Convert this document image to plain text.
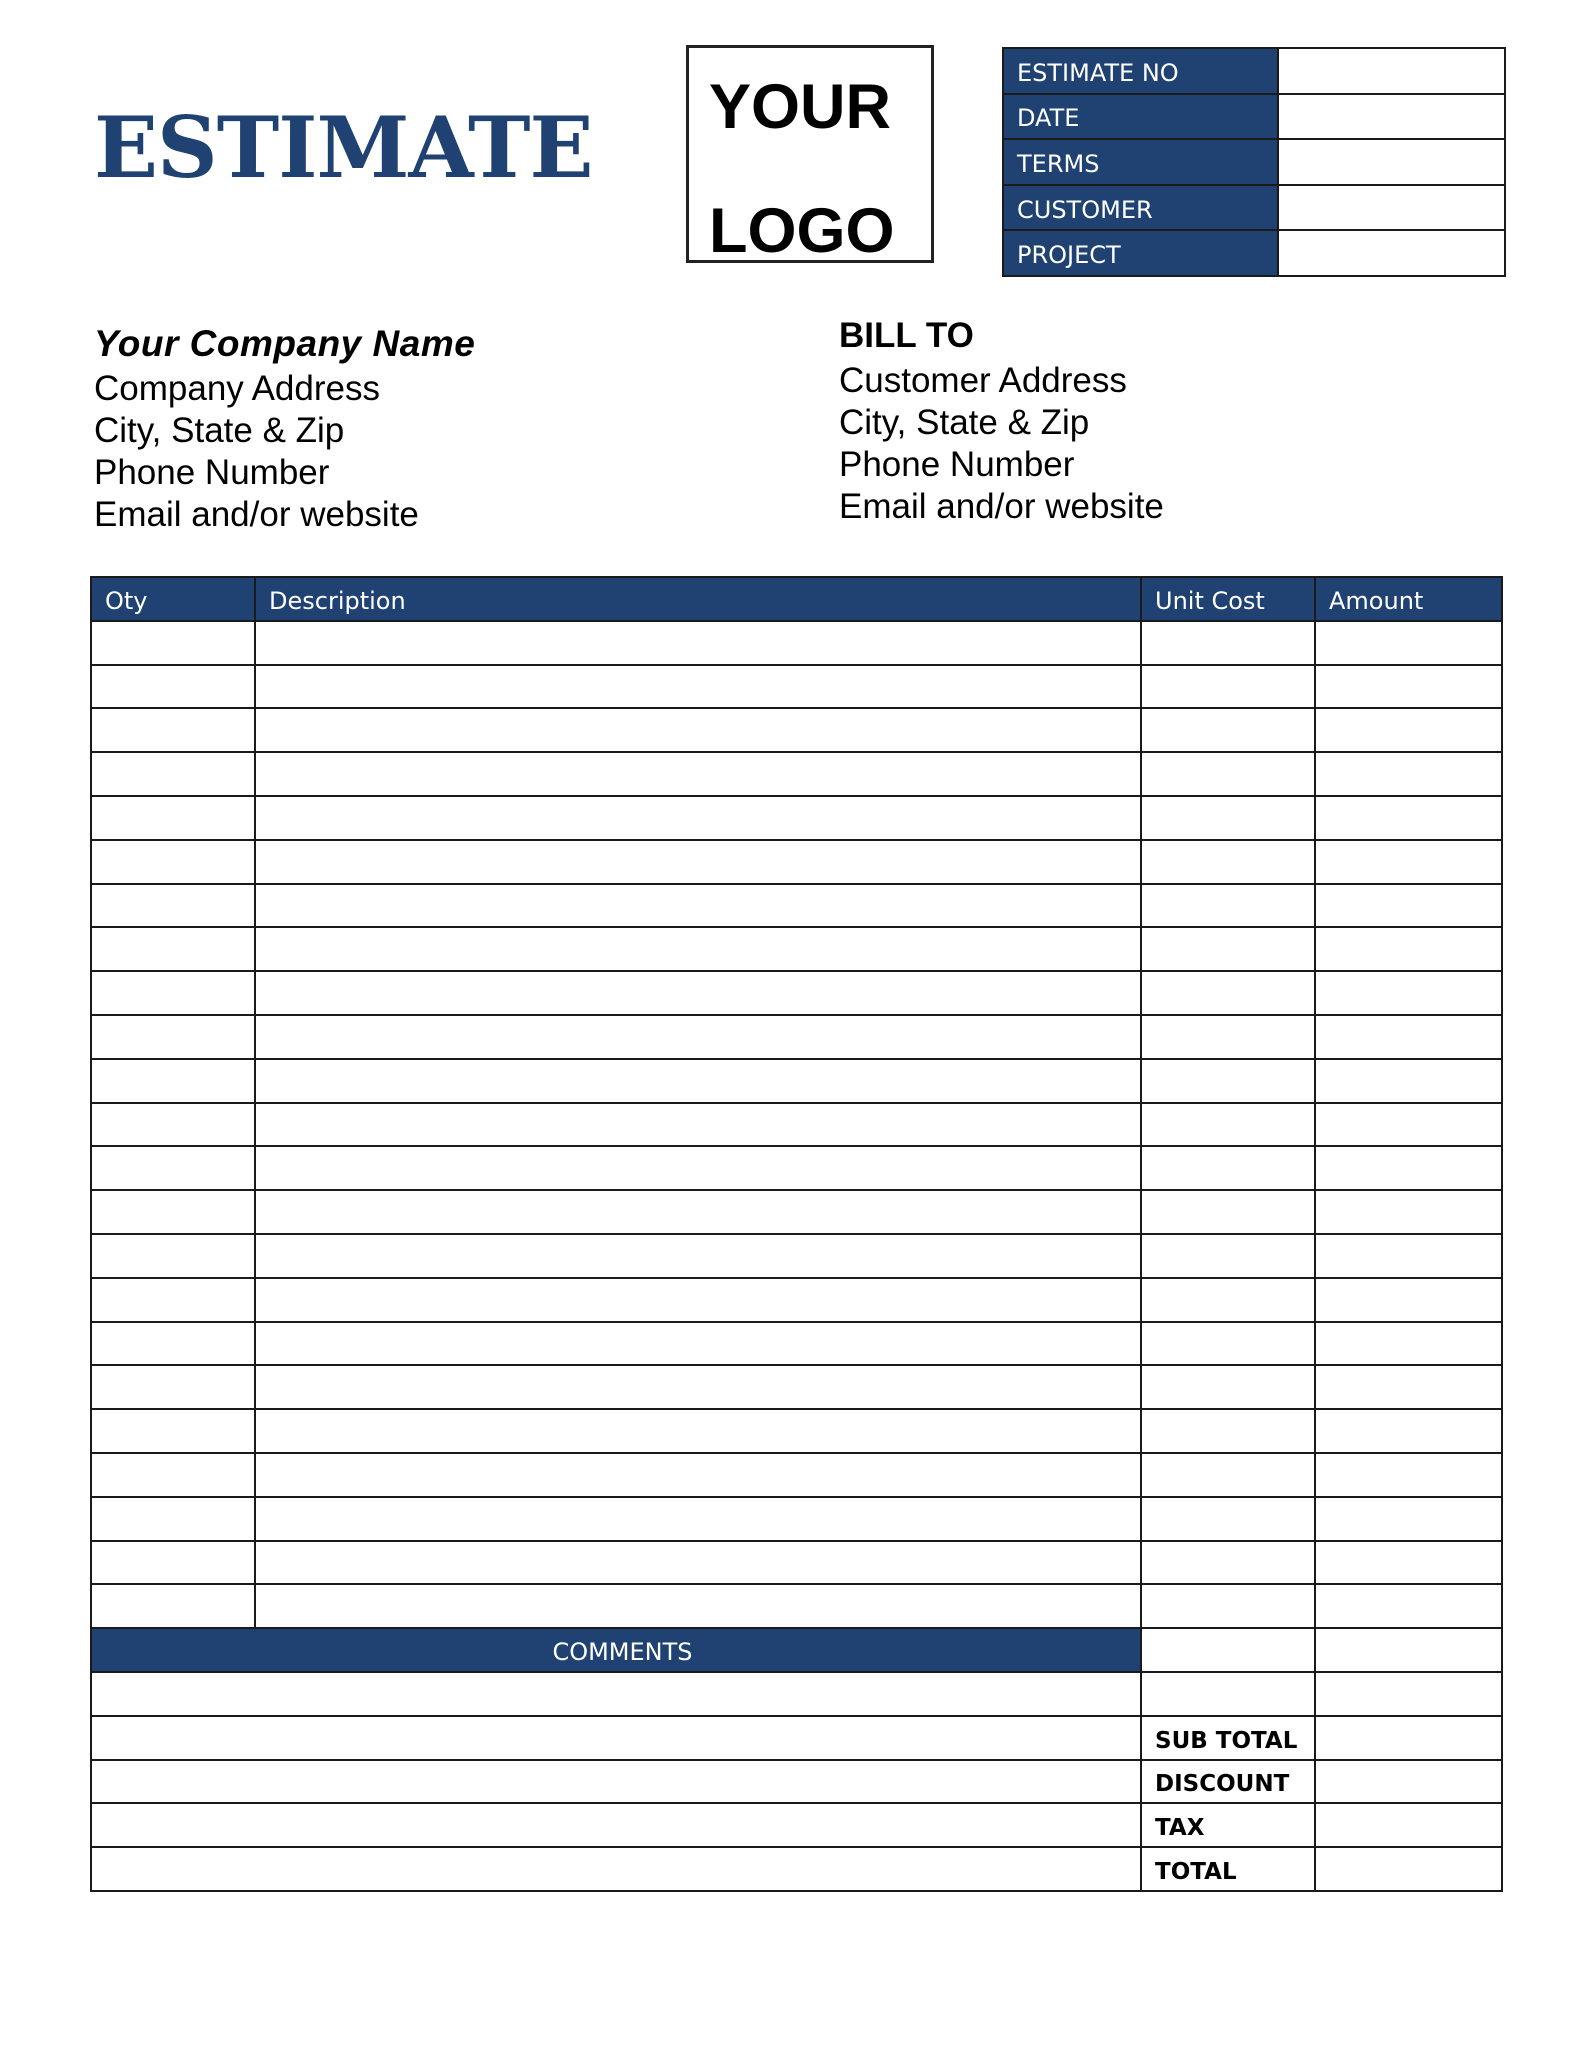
ESTIMATE YOUR
LOGO
ESTIMATE NO	
DATE	
TERMS	
CUSTOMER	
PROJECT	
Your Company Name
Company Address
City, State & Zip
Phone Number
Email and/or website
BILL TO
Customer Address
City, State & Zip
Phone Number
Email and/or website
Oty	Description	Unit Cost	Amount

COMMENTS			

		SUB TOTAL	
		DISCOUNT	
		TAX	
		TOTAL	
